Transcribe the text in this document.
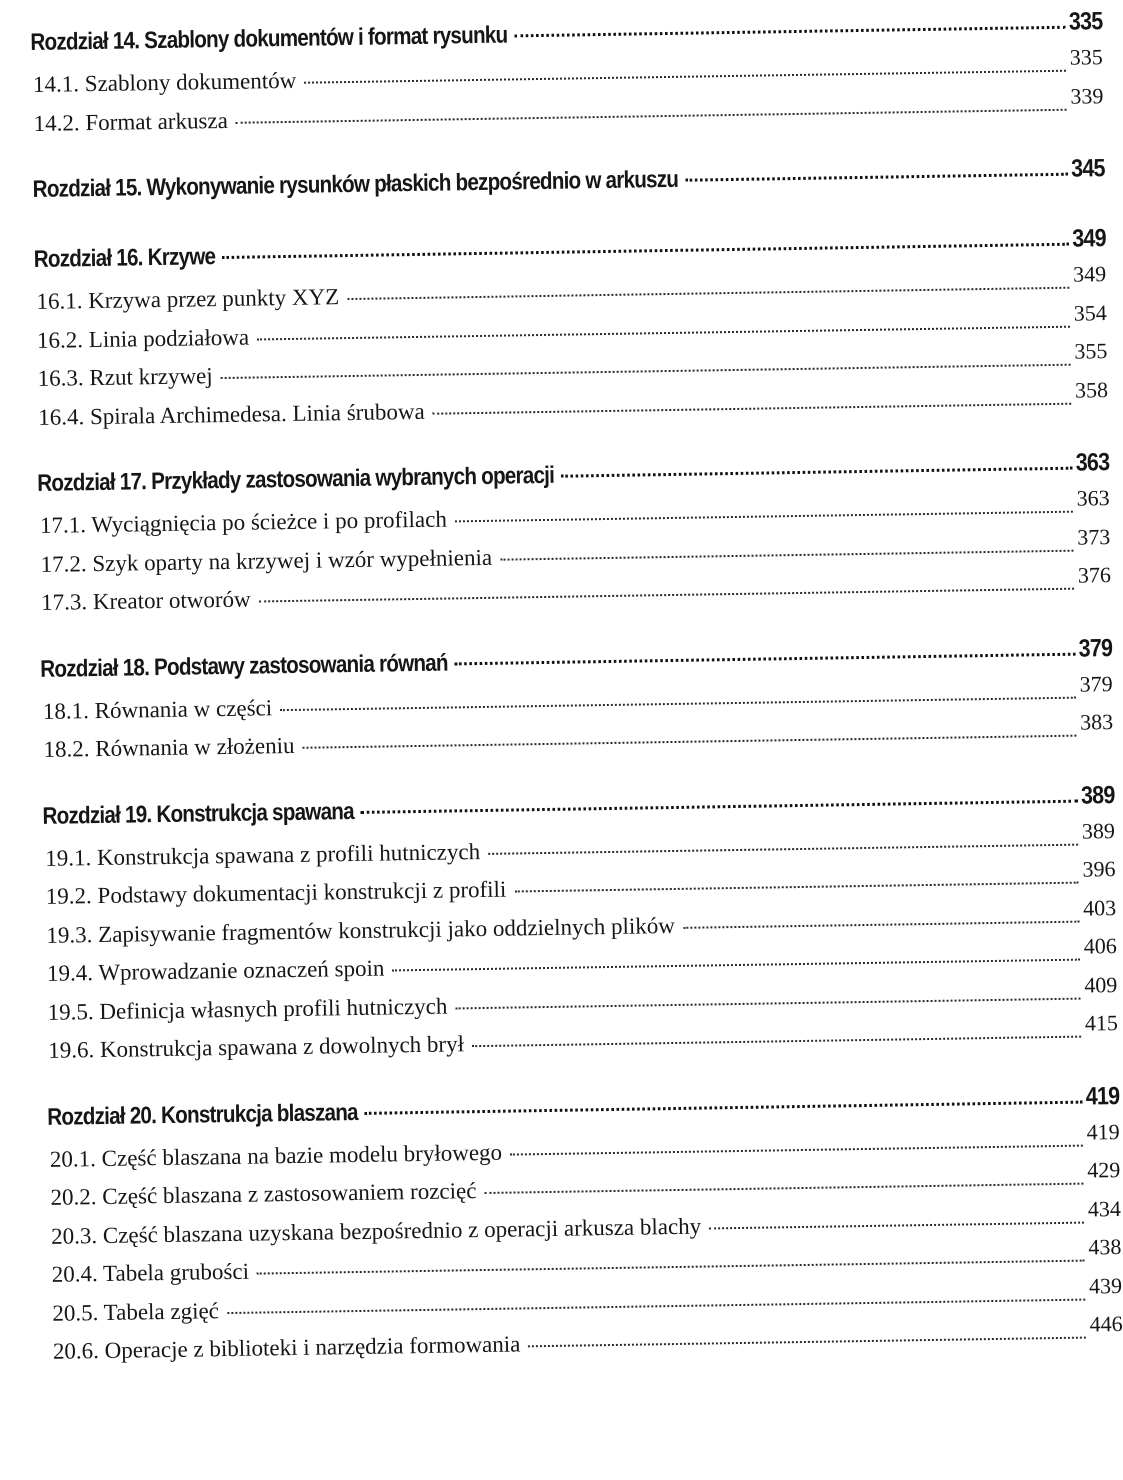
Rozdział 14. Szablony dokumentów i format rysunku
335
14.1. Szablony dokumentów
335
14.2. Format arkusza
339
Rozdział 15. Wykonywanie rysunków płaskich bezpośrednio w arkuszu	345
Rozdział 16. Krzywe
349
16.1. Krzywa przez punkty XYZ
349
16.2. Linia podziałowa
354
16.3. Rzut krzywej
355
16.4. Spirala Archimedesa. Linia śrubowa
358
Rozdział 17. Przykłady zastosowania wybranych operacji	363
17.1. Wyciągnięcia po ścieżce i po profilach
363
17.2. Szyk oparty na krzywej i wzór wypełnienia
373
17.3. Kreator otworów
376
Rozdział 18. Podstawy zastosowania równań
379
18.1. Równania w części
379
18.2. Równania w złożeniu
383
Rozdział 19. Konstrukcja spawana
389
19.1. Konstrukcja spawana z profili hutniczych
389
19.2. Podstawy dokumentacji konstrukcji z profili
396
19.3. Zapisywanie fragmentów konstrukcji jako oddzielnych plików
403
19.4. Wprowadzanie oznaczeń spoin
406
19.5. Definicja własnych profili hutniczych
409
19.6. Konstrukcja spawana z dowolnych brył
415
Rozdział 20. Konstrukcja blaszana
419
20.1. Część blaszana na bazie modelu bryłowego
419
20.2. Część blaszana z zastosowaniem rozcięć
429
20.3. Część blaszana uzyskana bezpośrednio z operacji arkusza blachy
434
20.4. Tabela grubości
438
20.5. Tabela zgięć
439
20.6. Operacje z biblioteki i narzędzia formowania
446
